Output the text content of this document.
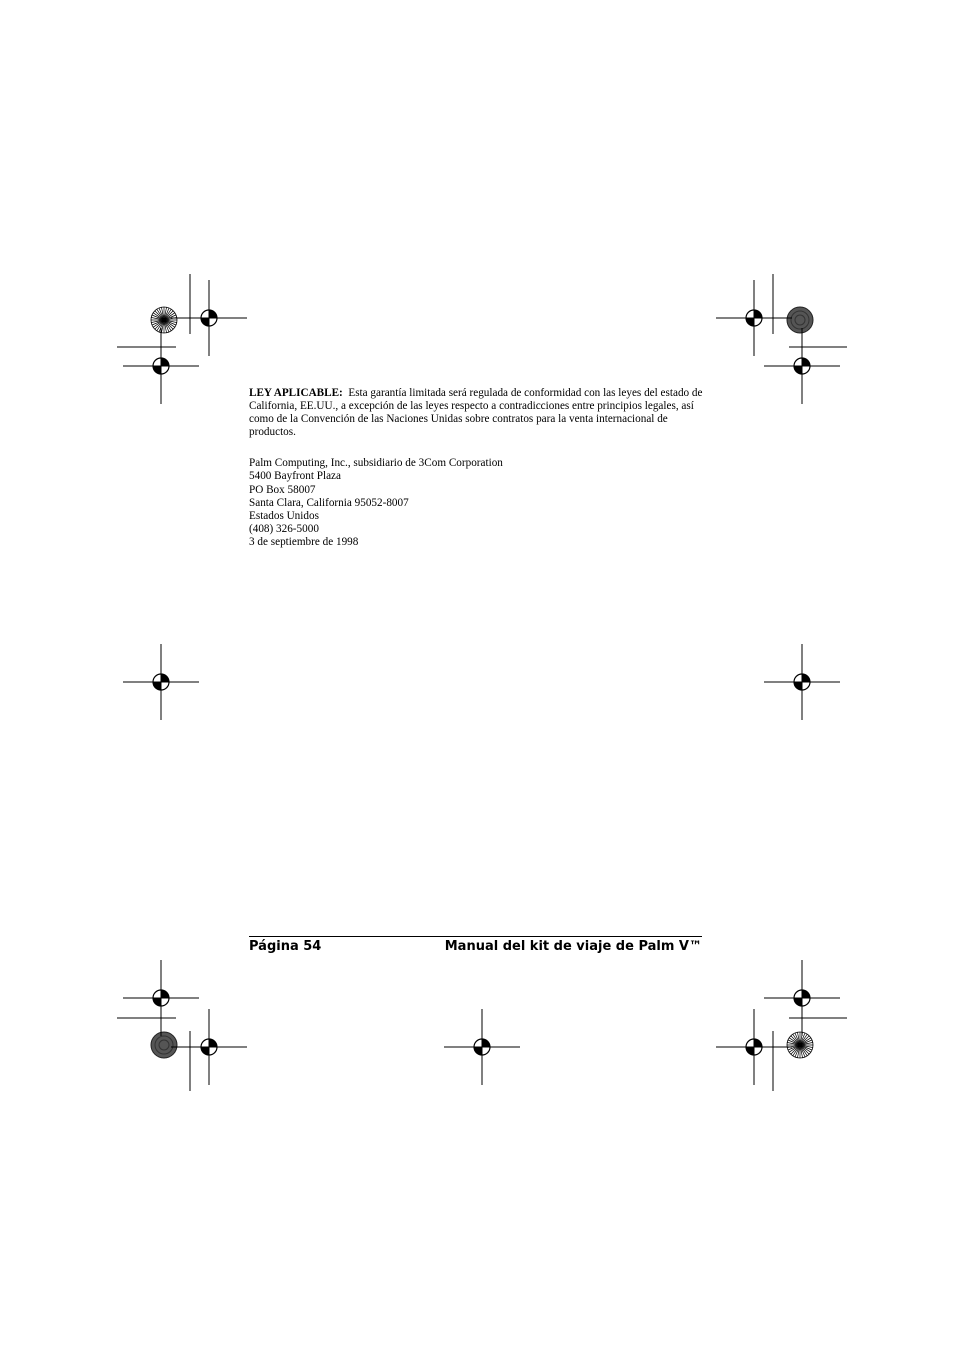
LEY APLICABLE: Esta garantía limitada será regulada de conformidad con las leyes del estado de California, EE.UU., a excepción de las leyes respecto a contradicciones entre principios legales, así como de la Convención de las Naciones Unidas sobre contratos para la venta internacional de productos.

Palm Computing, Inc., subsidiario de 3Com Corporation
5400 Bayfront Plaza
PO Box 58007
Santa Clara, California 95052-8007
Estados Unidos
(408) 326-5000
3 de septiembre de 1998
Página 54	Manual del kit de viaje de Palm V™
